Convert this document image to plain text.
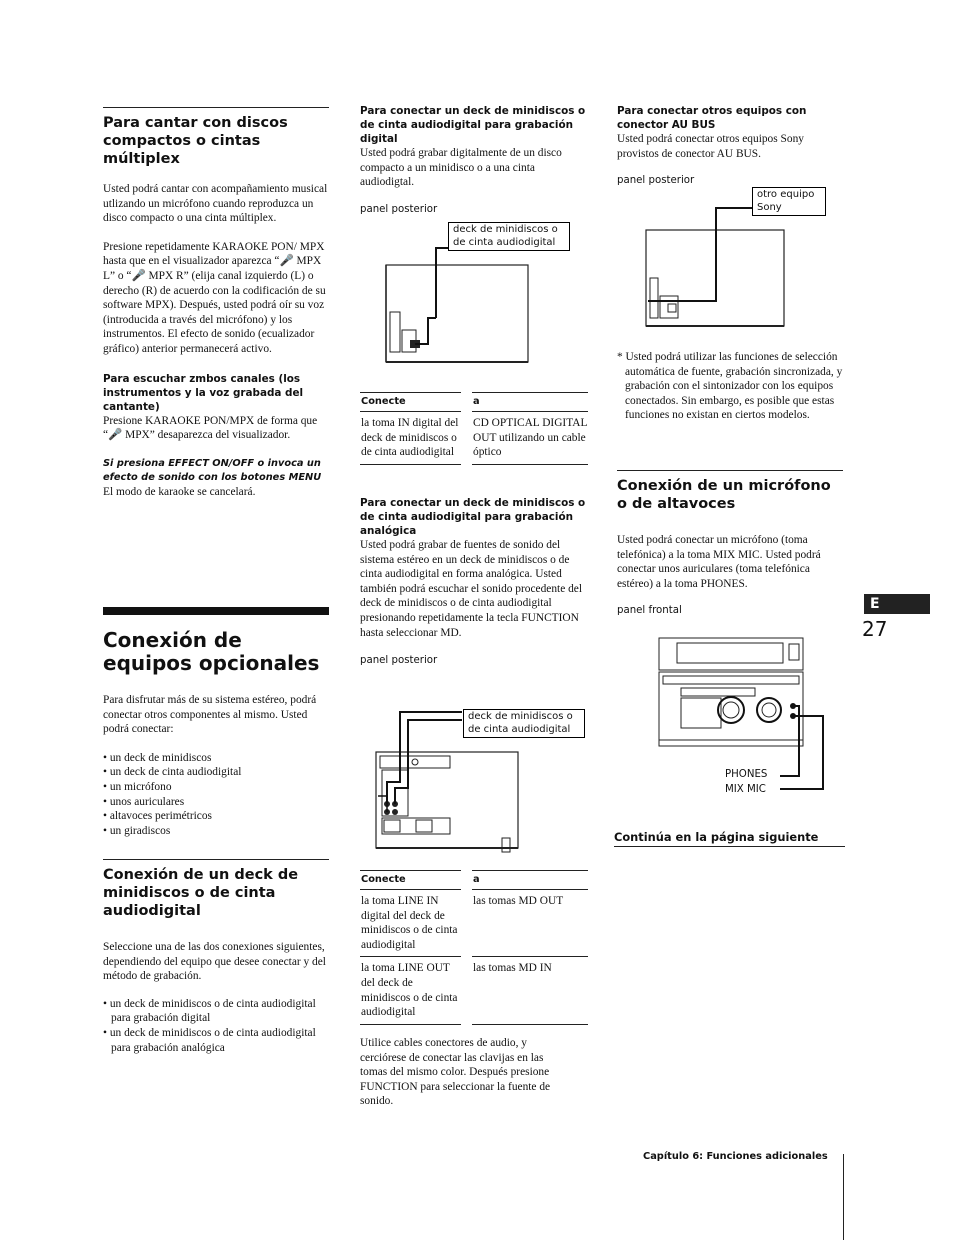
Para cantar con discos compactos o cintas múltiplex

Usted podrá cantar con acompañamiento musical utlizando un micrófono cuando reproduzca un disco compacto o una cinta múltiplex.

Presione repetidamente KARAOKE PON/ MPX hasta que en el visualizador aparezca “🎤 MPX L” o “🎤 MPX R” (elija canal izquierdo (L) o derecho (R) de acuerdo con la codificación de su software MPX). Después, usted podrá oír su voz (introducida a través del micrófono) y los instrumentos. El efecto de sonido (ecualizador gráfico) anterior permanecerá activo.

Para escuchar zmbos canales (los instrumentos y la voz grabada del cantante)

Presione KARAOKE PON/MPX de forma que “🎤 MPX” desaparezca del visualizador.

Si presiona EFFECT ON/OFF o invoca un efecto de sonido con los botones MENU

El modo de karaoke se cancelará.

Conexión de equipos opcionales

Para disfrutar más de su sistema estéreo, podrá conectar otros componentes al mismo. Usted podrá conectar:

• un deck de minidiscos
• un deck de cinta audiodigital
• un micrófono
• unos auriculares
• altavoces perimétricos
• un giradiscos
Conexión de un deck de minidiscos o de cinta audiodigital

Seleccione una de las dos conexiones siguientes, dependiendo del equipo que desee conectar y del método de grabación.

• un deck de minidiscos o de cinta audiodigital para grabación digital
• un deck de minidiscos o de cinta audiodigital para grabación analógica

Para conectar un deck de minidiscos o de cinta audiodigital para grabación digital

Usted podrá grabar digitalmente de un disco compacto a un minidisco o a una cinta audiodigtal.

panel posterior
deck de minidiscos o de cinta audiodigital
Conecte		a
la toma IN digital del deck de minidiscos o de cinta audiodigital		CD OPTICAL DIGITAL OUT utilizando un cable óptico

Para conectar un deck de minidiscos o de cinta audiodigital para grabación analógica

Usted podrá grabar de fuentes de sonido del sistema estéreo en un deck de minidiscos o de cinta audiodigital en forma analógica. Usted también podrá escuchar el sonido procedente del deck de minidiscos o de cinta audiodigital presionando repetidamente la tecla FUNCTION hasta seleccionar MD.

panel posterior
deck de minidiscos o de cinta audiodigital
Conecte		a
la toma LINE IN digital del deck de minidiscos o de cinta audiodigital		las tomas MD OUT
la toma LINE OUT del deck de minidiscos o de cinta audiodigital		las tomas MD IN

Utilice cables conectores de audio, y cerciórese de conectar las clavijas en las tomas del mismo color. Después presione FUNCTION para seleccionar la fuente de sonido.

Para conectar otros equipos con conector AU BUS

Usted podrá conectar otros equipos Sony provistos de conector AU BUS.

panel posterior
otro equipo Sony

* Usted podrá utilizar las funciones de selección automática de fuente, grabación sincronizada, y grabación con el sintonizador con los equipos conectados. Sin embargo, es posible que estas funciones no existan en ciertos modelos.

Conexión de un micrófono o de altavoces

Usted podrá conectar un micrófono (toma telefónica) a la toma MIX MIC. Usted podrá conectar unos auriculares (toma telefónica estéreo) a la toma PHONES.

panel frontal
PHONES
MIX MIC
Continúa en la página siguiente
E
27
Capítulo 6: Funciones adicionales
